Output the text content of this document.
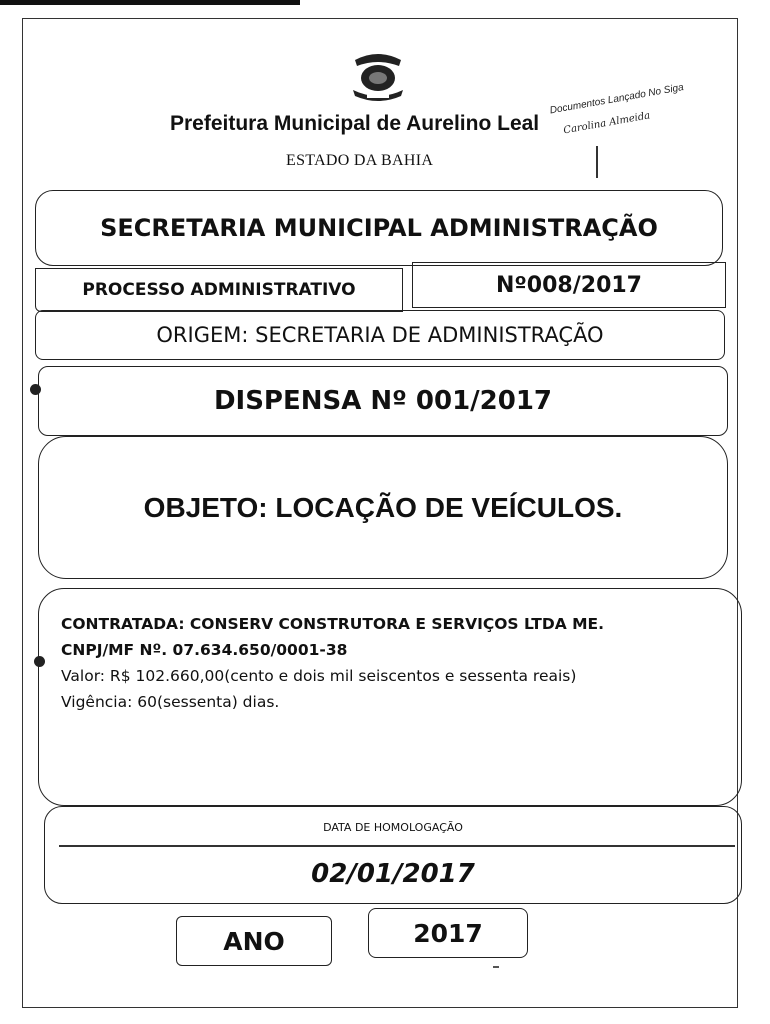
Prefeitura Municipal de Aurelino Leal
ESTADO DA BAHIA
Documentos Lançado No Siga
Carolina Almeida
SECRETARIA MUNICIPAL ADMINISTRAÇÃO
PROCESSO ADMINISTRATIVO	Nº008/2017
ORIGEM: SECRETARIA DE ADMINISTRAÇÃO
DISPENSA Nº 001/2017
OBJETO: LOCAÇÃO DE VEÍCULOS.
CONTRATADA: CONSERV CONSTRUTORA E SERVIÇOS LTDA ME.
CNPJ/MF Nº. 07.634.650/0001-38
Valor: R$ 102.660,00(cento e dois mil seiscentos e sessenta reais)
Vigência: 60(sessenta) dias.
DATA DE HOMOLOGAÇÃO
02/01/2017
ANO	2017
